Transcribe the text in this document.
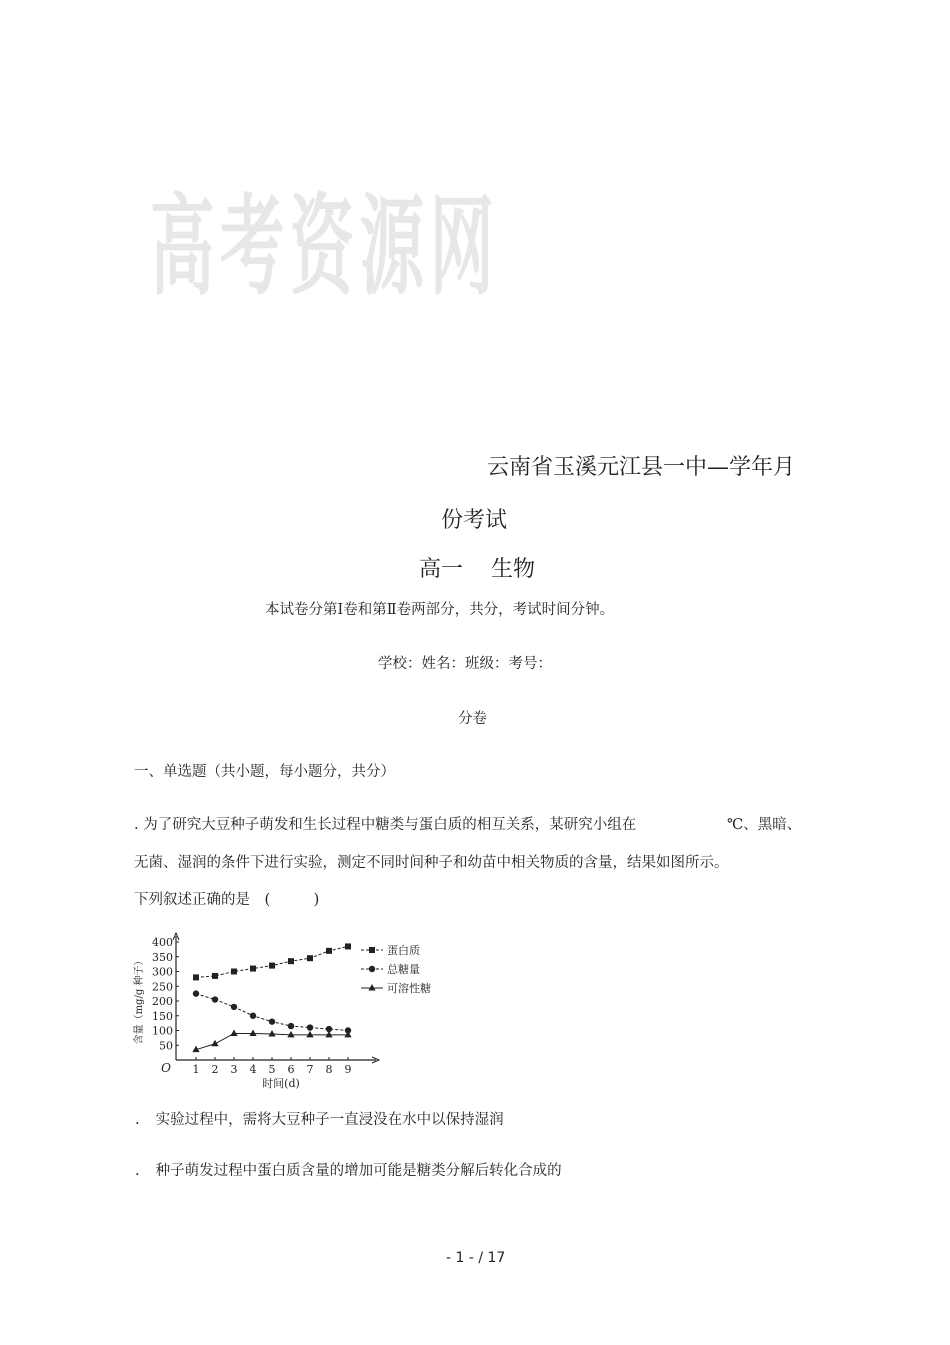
高考资源网
云南省玉溪元江县一中—学年月
份考试
高一 生物
本试卷分第Ⅰ卷和第Ⅱ卷两部分，共分，考试时间分钟。
学校：姓名：班级：考号：
分卷
一、单选题（共小题，每小题分，共分）
. 为了研究大豆种子萌发和生长过程中糖类与蛋白质的相互关系，某研究小组在	℃、黑暗、
无菌、湿润的条件下进行实验，测定不同时间种子和幼苗中相关物质的含量，结果如图所示。
下列叙述正确的是　(　　　)
50
100
150
200
250
300
350
400
1 2 3 4 5 6 7 8 9
O
时间(d)
含量（mg/g 种子）
蛋白质
总糖量
可溶性糖
. 实验过程中，需将大豆种子一直浸没在水中以保持湿润
. 种子萌发过程中蛋白质含量的增加可能是糖类分解后转化合成的
- 1 - / 17
